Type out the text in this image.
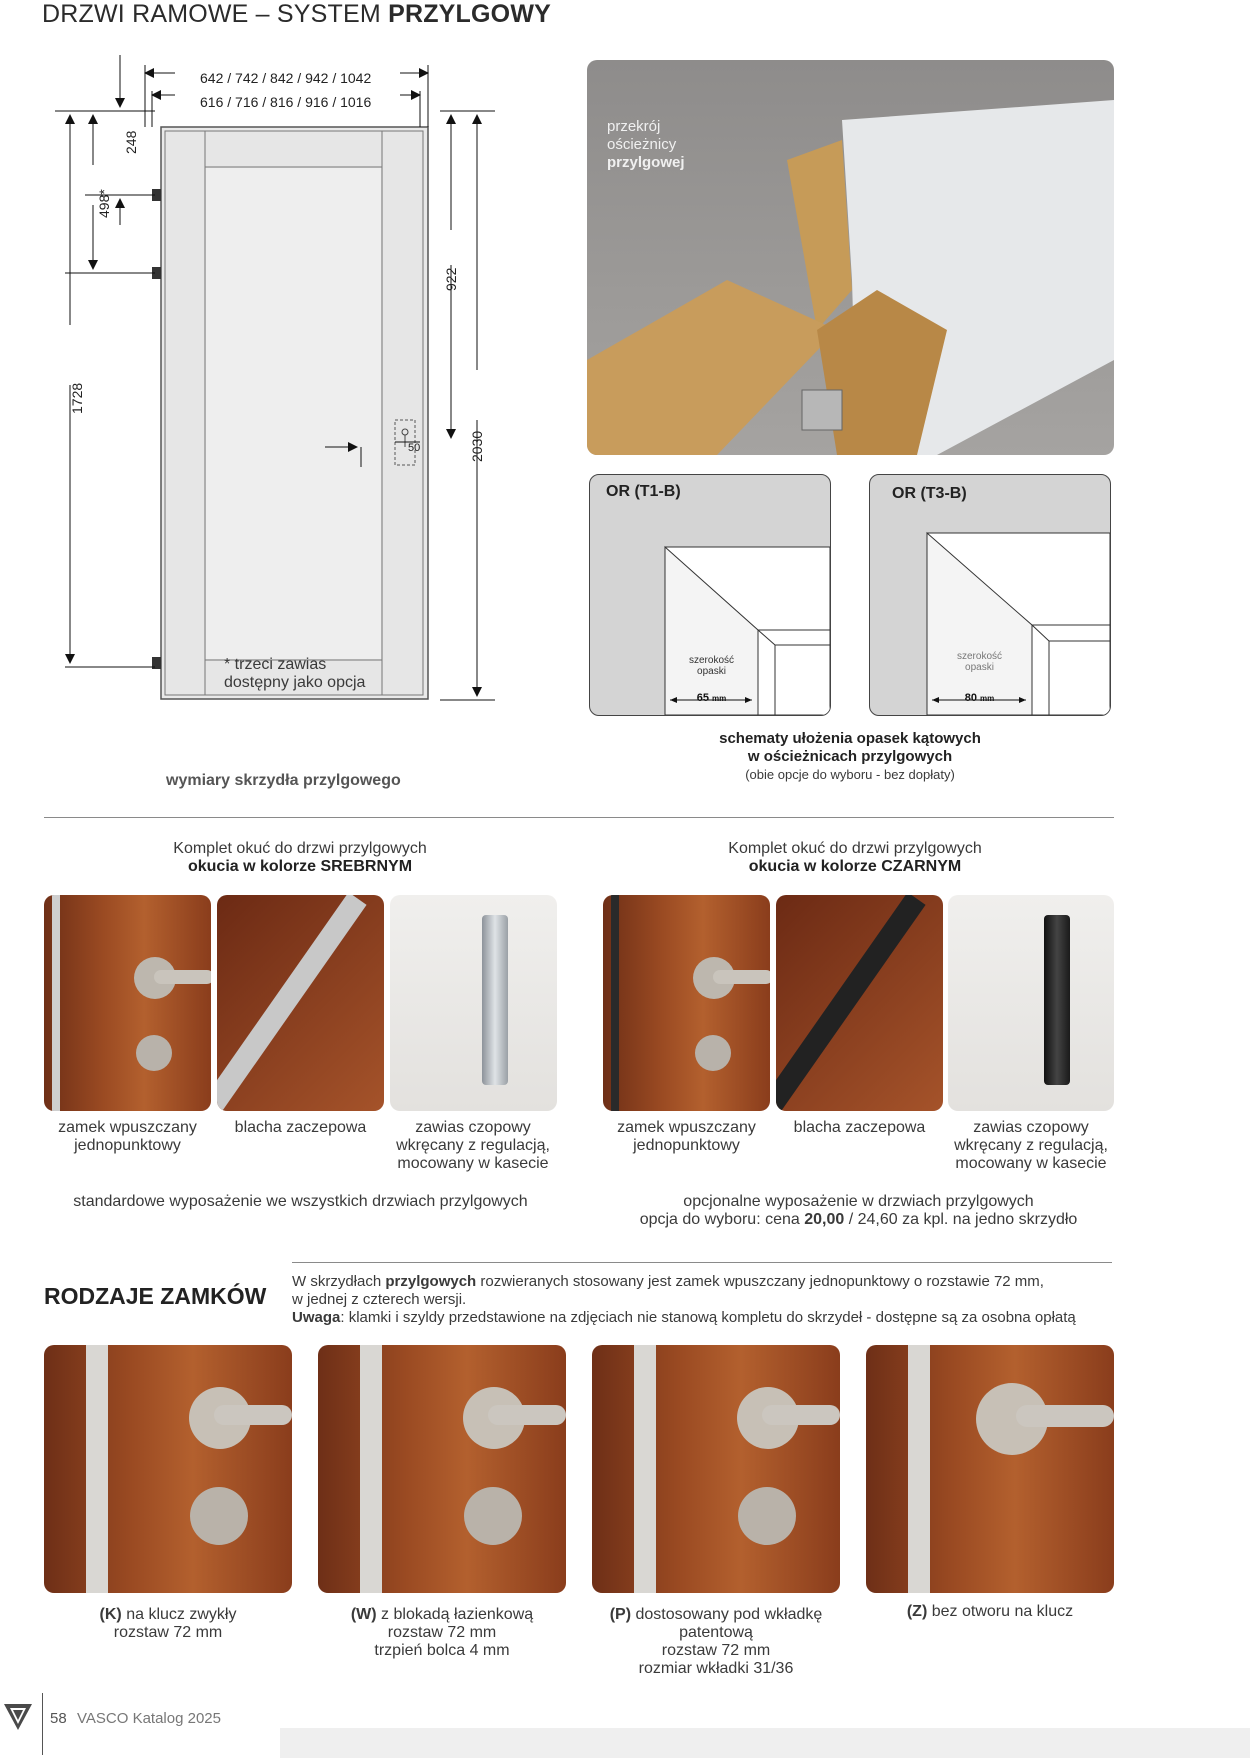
DRZWI RAMOWE – SYSTEM PRZYLGOWY
642 / 742 / 842 / 942 / 1042
616 / 716 / 816 / 916 / 1016
248
498*
1728
922
2030
50
* trzeci zawias
dostępny jako opcja
wymiary skrzydła przylgowego
przekrój
ościeżnicy
przylgowej
OR (T1-B)
szerokość
opaski
65 mm
OR (T3-B)
szerokość
opaski
80 mm
schematy ułożenia opasek kątowych
w ościeżnicach przylgowych
(obie opcje do wyboru - bez dopłaty)
Komplet okuć do drzwi przylgowych
okucia w kolorze SREBRNYM
Komplet okuć do drzwi przylgowych
okucia w kolorze CZARNYM
zamek wpuszczany
jednopunktowy
blacha zaczepowa	zawias czopowy
wkręcany z regulacją,
mocowany w kasecie
zamek wpuszczany
jednopunktowy
blacha zaczepowa	zawias czopowy
wkręcany z regulacją,
mocowany w kasecie
standardowe wyposażenie we wszystkich drzwiach przylgowych	opcjonalne wyposażenie w drzwiach przylgowych
opcja do wyboru: cena 20,00 / 24,60 za kpl. na jedno skrzydło
RODZAJE ZAMKÓW
W skrzydłach przylgowych rozwieranych stosowany jest zamek wpuszczany jednopunktowy o rozstawie 72 mm,
w jednej z czterech wersji.
Uwaga: klamki i szyldy przedstawione na zdjęciach nie stanową kompletu do skrzydeł - dostępne są za osobna opłatą
(K) na klucz zwykły
rozstaw 72 mm
(W) z blokadą łazienkową
rozstaw 72 mm
trzpień bolca 4 mm
(P) dostosowany pod wkładkę
patentową
rozstaw 72 mm
rozmiar wkładki 31/36
(Z) bez otworu na klucz
58 VASCO Katalog 2025
